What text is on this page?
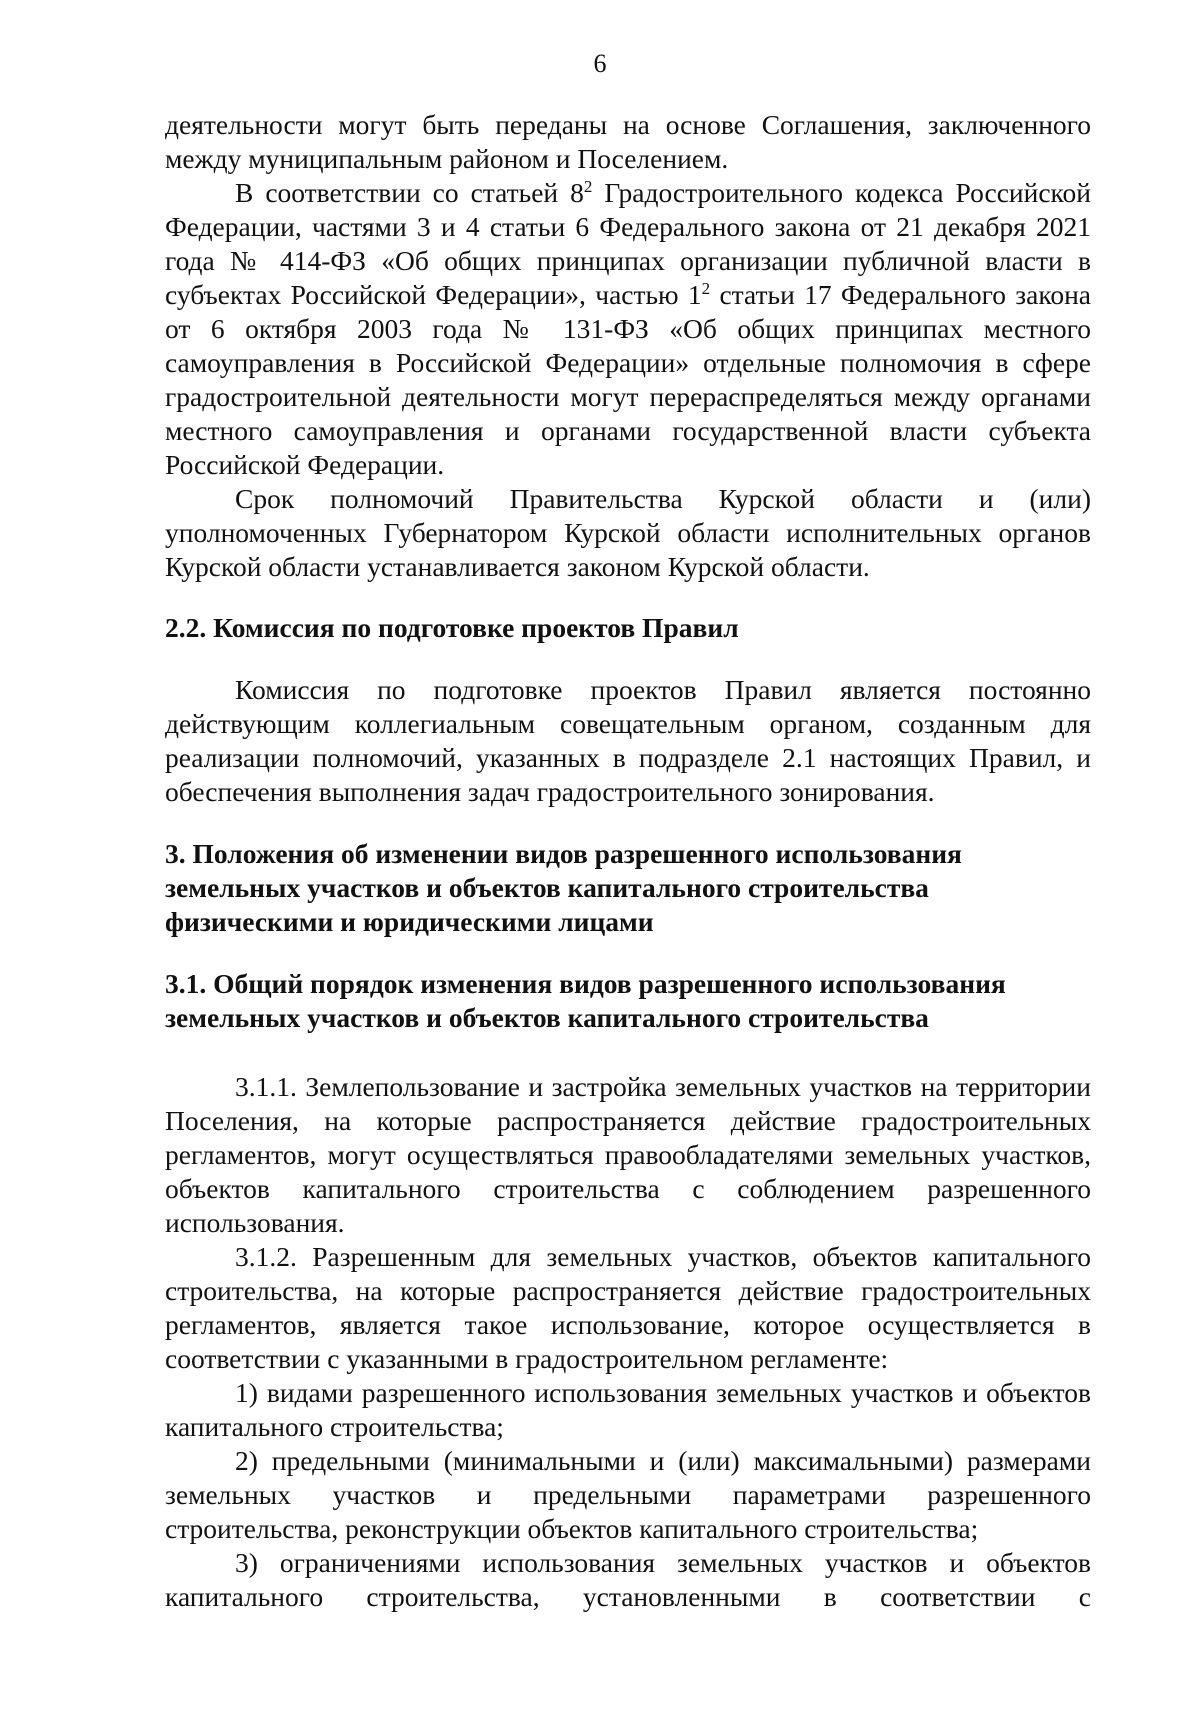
6

деятельности могут быть переданы на основе Соглашения, заключенного между муниципальным районом и Поселением.

В соответствии со статьей $8^2$ Градостроительного кодекса Российской Федерации, частями 3 и 4 статьи 6 Федерального закона от 21 декабря 2021 года № 414-ФЗ «Об общих принципах организации публичной власти в субъектах Российской Федерации», частью $1^2$ статьи 17 Федерального закона от 6 октября 2003 года № 131-ФЗ «Об общих принципах местного самоуправления в Российской Федерации» отдельные полномочия в сфере градостроительной деятельности могут перераспределяться между органами местного самоуправления и органами государственной власти субъекта Российской Федерации.

Срок полномочий Правительства Курской области и (или) уполномоченных Губернатором Курской области исполнительных органов Курской области устанавливается законом Курской области.

2.2. Комиссия по подготовке проектов Правил

Комиссия по подготовке проектов Правил является постоянно действующим коллегиальным совещательным органом, созданным для реализации полномочий, указанных в подразделе 2.1 настоящих Правил, и обеспечения выполнения задач градостроительного зонирования.

3. Положения об изменении видов разрешенного использования
земельных участков и объектов капитального строительства
физическими и юридическими лицами

3.1. Общий порядок изменения видов разрешенного использования
земельных участков и объектов капитального строительства

3.1.1. Землепользование и застройка земельных участков на территории Поселения, на которые распространяется действие градостроительных регламентов, могут осуществляться правообладателями земельных участков, объектов капитального строительства с соблюдением разрешенного использования.

3.1.2. Разрешенным для земельных участков, объектов капитального строительства, на которые распространяется действие градостроительных регламентов, является такое использование, которое осуществляется в соответствии с указанными в градостроительном регламенте:

1) видами разрешенного использования земельных участков и объектов капитального строительства;

2) предельными (минимальными и (или) максимальными) размерами земельных участков и предельными параметрами разрешенного строительства, реконструкции объектов капитального строительства;

3) ограничениями использования земельных участков и объектов капитального строительства, установленными в соответствии с
